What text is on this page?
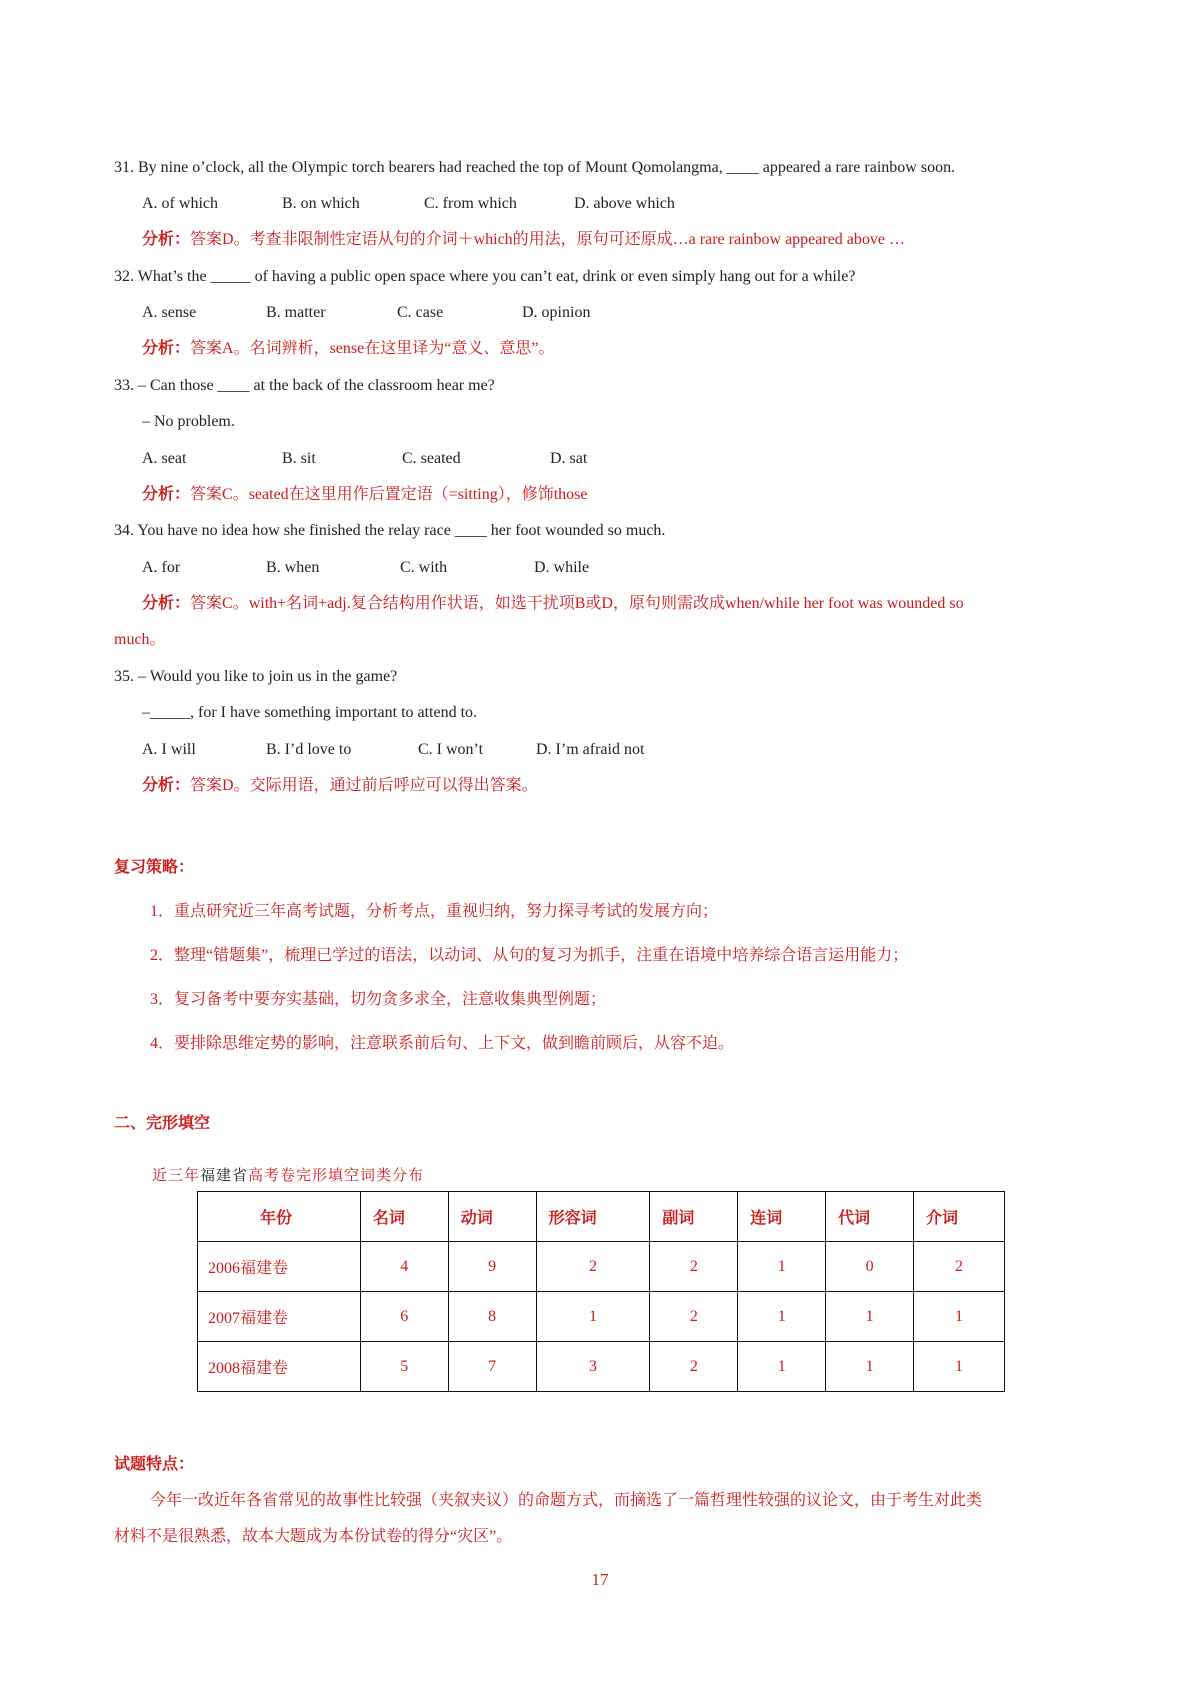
31. By nine o’clock, all the Olympic torch bearers had reached the top of Mount Qomolangma, ____ appeared a rare rainbow soon.
A. of which	B. on which	C. from which	D. above which
分析：答案D。考查非限制性定语从句的介词＋which的用法，原句可还原成…a rare rainbow appeared above …
32. What’s the _____ of having a public open space where you can’t eat, drink or even simply hang out for a while?
A. sense	B. matter	C. case	D. opinion
分析：答案A。名词辨析，sense在这里译为“意义、意思”。
33. – Can those ____ at the back of the classroom hear me?
– No problem.
A. seat	B. sit	C. seated	D. sat
分析：答案C。seated在这里用作后置定语（=sitting），修饰those
34. You have no idea how she finished the relay race ____ her foot wounded so much.
A. for	B. when	C. with	D. while
分析：答案C。with+名词+adj.复合结构用作状语，如选干扰项B或D，原句则需改成when/while her foot was wounded so
much。
35. – Would you like to join us in the game?
–_____, for I have something important to attend to.
A. I will	B. I’d love to	C. I won’t	D. I’m afraid not
分析：答案D。交际用语，通过前后呼应可以得出答案。
复习策略：
1．重点研究近三年高考试题，分析考点，重视归纳，努力探寻考试的发展方向；
2．整理“错题集”，梳理已学过的语法，以动词、从句的复习为抓手，注重在语境中培养综合语言运用能力；
3．复习备考中要夯实基础，切勿贪多求全，注意收集典型例题；
4．要排除思维定势的影响，注意联系前后句、上下文，做到瞻前顾后，从容不迫。
二、完形填空
近三年福建省高考卷完形填空词类分布
年份	名词	动词	形容词	副词	连词	代词	介词
2006福建卷	4	9	2	2	1	0	2
2007福建卷	6	8	1	2	1	1	1
2008福建卷	5	7	3	2	1	1	1
试题特点：
今年一改近年各省常见的故事性比较强（夹叙夹议）的命题方式，而摘选了一篇哲理性较强的议论文，由于考生对此类
材料不是很熟悉，故本大题成为本份试卷的得分“灾区”。
17
